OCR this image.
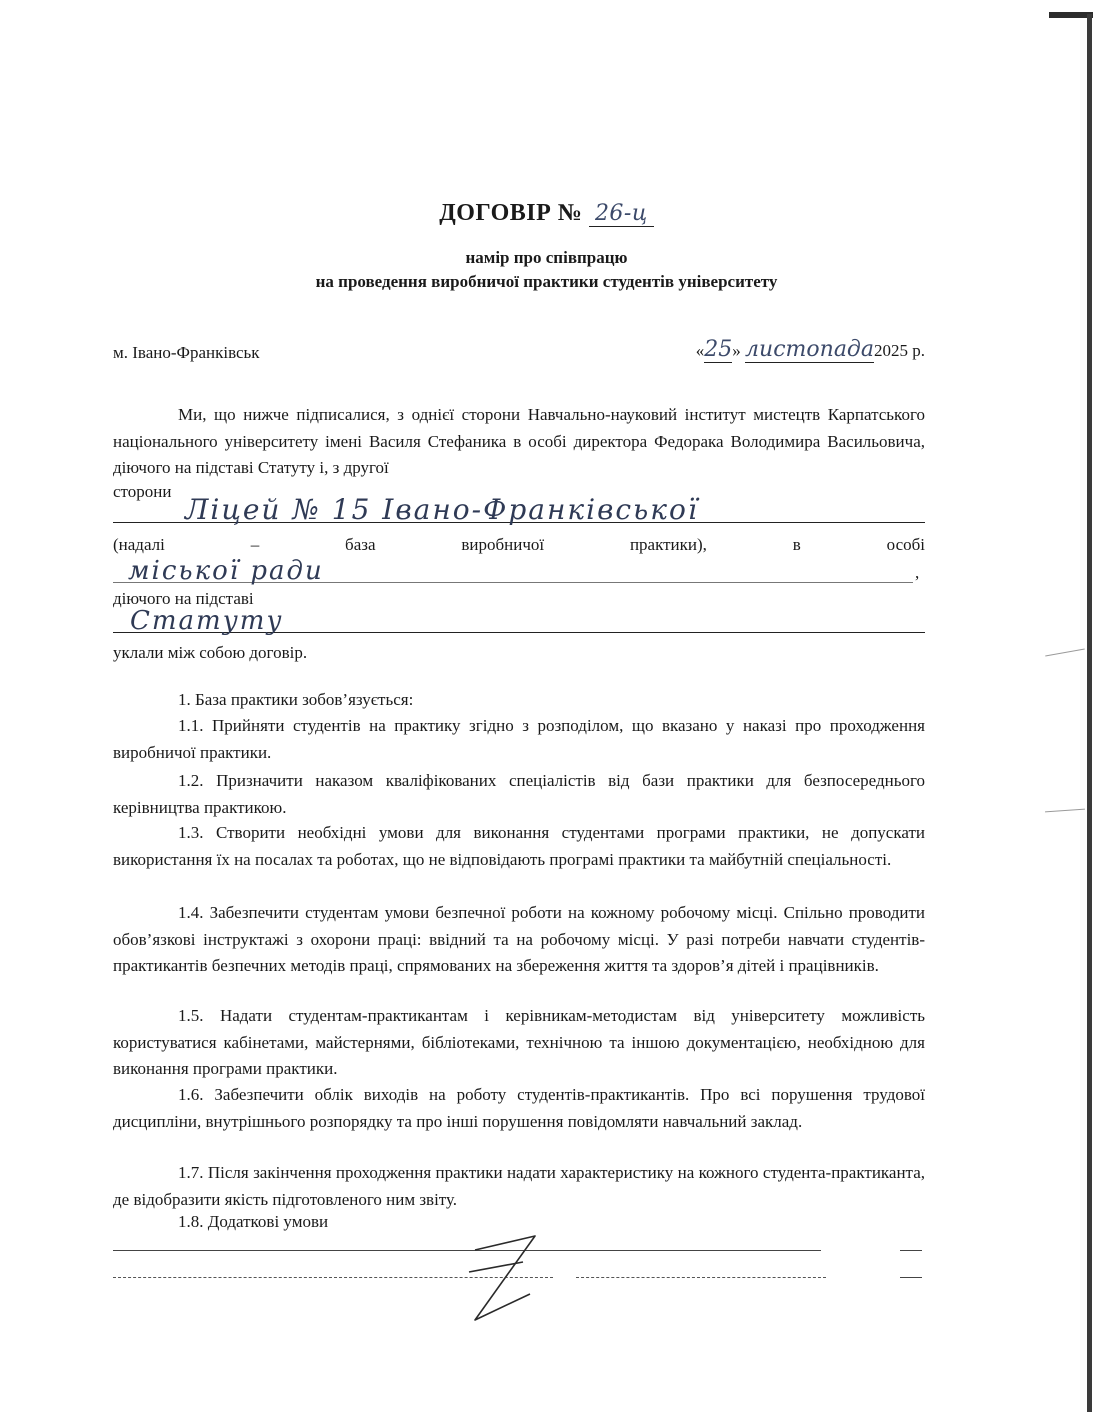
ДОГОВІР № 26-ц
намір про співпрацю
на проведення виробничої практики студентів університету
м. Івано-Франківськ	«25» листопада2025 р.
Ми, що нижче підписалися, з однієї сторони Навчально-науковий інститут мистецтв Карпатського національного університету імені Василя Стефаника в особі директора Федорака Володимира Васильовича, діючого на підставі Статуту і, з другої
сторони
Ліцей № 15 Івано-Франківської
(надалі	–	база	виробничої	практики),	в	особі
,
міської ради
діючого на підставі
Статуту
уклали між собою договір.
1. База практики зобов’язується:
1.1. Прийняти студентів на практику згідно з розподілом, що вказано у наказі про проходження виробничої практики.
1.2. Призначити наказом кваліфікованих спеціалістів від бази практики для безпосереднього керівництва практикою.
1.3. Створити необхідні умови для виконання студентами програми практики, не допускати використання їх на посалах та роботах, що не відповідають програмі практики та майбутній спеціальності.
1.4. Забезпечити студентам умови безпечної роботи на кожному робочому місці. Спільно проводити обов’язкові інструктажі з охорони праці: ввідний та на робочому місці. У разі потреби навчати студентів-практикантів безпечних методів праці, спрямованих на збереження життя та здоров’я дітей і працівників.
1.5. Надати студентам-практикантам і керівникам-методистам від університету можливість користуватися кабінетами, майстернями, бібліотеками, технічною та іншою документацією, необхідною для виконання програми практики.
1.6. Забезпечити облік виходів на роботу студентів-практикантів. Про всі порушення трудової дисципліни, внутрішнього розпорядку та про інші порушення повідомляти навчальний заклад.
1.7. Після закінчення проходження практики надати характеристику на кожного студента-практиканта, де відобразити якість підготовленого ним звіту.
1.8. Додаткові умови
